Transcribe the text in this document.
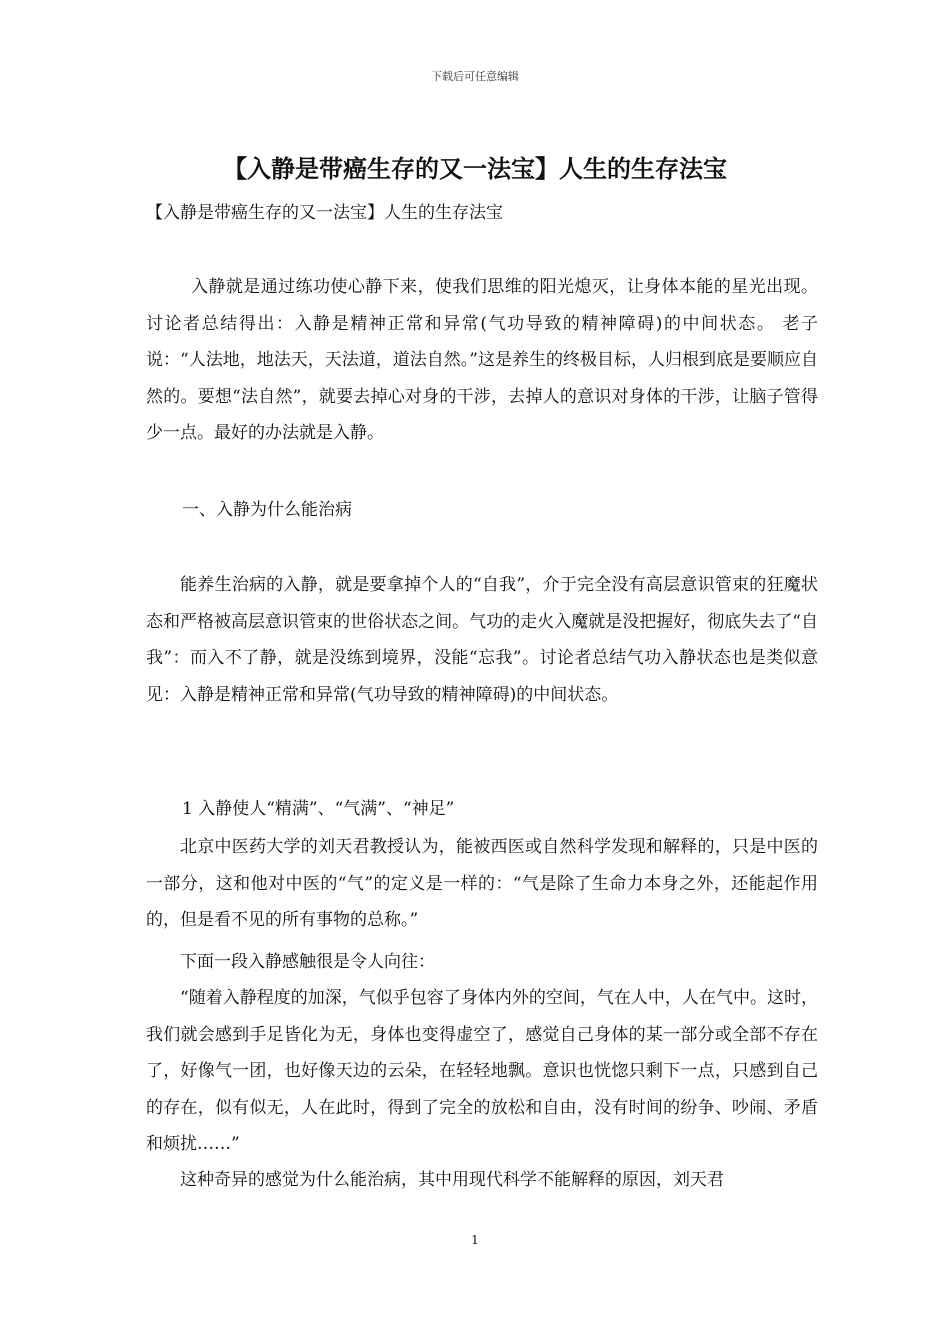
下载后可任意编辑
【入静是带癌生存的又一法宝】人生的生存法宝

【入静是带癌生存的又一法宝】人生的生存法宝

入静就是通过练功使心静下来，使我们思维的阳光熄灭，让身体本能的星光出现。讨论者总结得出：入静是精神正常和异常(气功导致的精神障碍)的中间状态。 老子说：“人法地，地法天，天法道，道法自然。”这是养生的终极目标，人归根到底是要顺应自然的。要想“法自然”，就要去掉心对身的干涉，去掉人的意识对身体的干涉，让脑子管得少一点。最好的办法就是入静。

一、入静为什么能治病

能养生治病的入静，就是要拿掉个人的“自我”，介于完全没有高层意识管束的狂魔状态和严格被高层意识管束的世俗状态之间。气功的走火入魔就是没把握好，彻底失去了“自我”：而入不了静，就是没练到境界，没能“忘我”。讨论者总结气功入静状态也是类似意见：入静是精神正常和异常(气功导致的精神障碍)的中间状态。

1 入静使人“精满”、“气满”、“神足”

北京中医药大学的刘天君教授认为，能被西医或自然科学发现和解释的，只是中医的一部分，这和他对中医的“气”的定义是一样的：“气是除了生命力本身之外，还能起作用的，但是看不见的所有事物的总称。”

下面一段入静感触很是令人向往：

“随着入静程度的加深，气似乎包容了身体内外的空间，气在人中，人在气中。这时，我们就会感到手足皆化为无，身体也变得虚空了，感觉自己身体的某一部分或全部不存在了，好像气一团，也好像天边的云朵，在轻轻地飘。意识也恍惚只剩下一点，只感到自己的存在，似有似无，人在此时，得到了完全的放松和自由，没有时间的纷争、吵闹、矛盾和烦扰……”

这种奇异的感觉为什么能治病，其中用现代科学不能解释的原因，刘天君

1
